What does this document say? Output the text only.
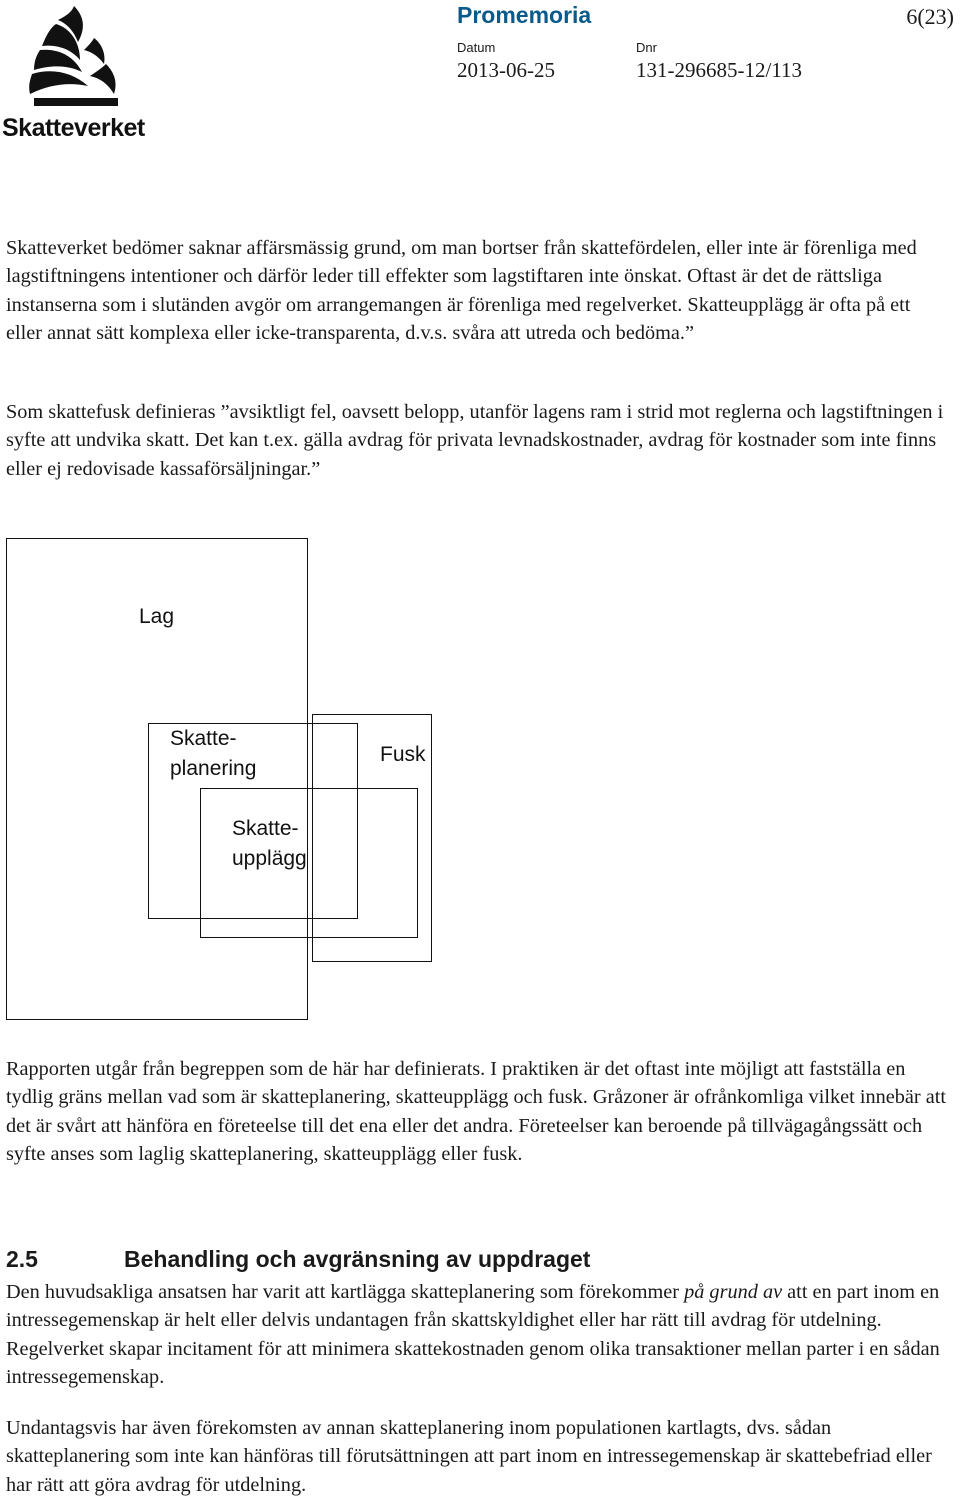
Skatteverket
Promemoria	6(23)
Datum
2013-06-25
Dnr
131-296685-12/113

Skatteverket bedömer saknar affärsmässig grund, om man bortser från skattefördelen, eller inte är förenliga med lagstiftningens intentioner och därför leder till effekter som lagstiftaren inte önskat. Oftast är det de rättsliga instanserna som i slutänden avgör om arrangemangen är förenliga med regelverket. Skatteupplägg är ofta på ett eller annat sätt komplexa eller icke-transparenta, d.v.s. svåra att utreda och bedöma.”

Som skattefusk definieras ”avsiktligt fel, oavsett belopp, utanför lagens ram i strid mot reglerna och lagstiftningen i syfte att undvika skatt. Det kan t.ex. gälla avdrag för privata levnadskostnader, avdrag för kostnader som inte finns eller ej redovisade kassaförsäljningar.”

Lag
Skatte-
planering
Fusk
Skatte-
upplägg

Rapporten utgår från begreppen som de här har definierats. I praktiken är det oftast inte möjligt att fastställa en tydlig gräns mellan vad som är skatteplanering, skatteupplägg och fusk. Gråzoner är ofrånkomliga vilket innebär att det är svårt att hänföra en företeelse till det ena eller det andra. Företeelser kan beroende på tillvägagångssätt och syfte anses som laglig skatteplanering, skatteupplägg eller fusk.

2.5	Behandling och avgränsning av uppdraget

Den huvudsakliga ansatsen har varit att kartlägga skatteplanering som förekommer på grund av att en part inom en intressegemenskap är helt eller delvis undantagen från skattskyldighet eller har rätt till avdrag för utdelning. Regelverket skapar incitament för att minimera skattekostnaden genom olika transaktioner mellan parter i en sådan intressegemenskap.

Undantagsvis har även förekomsten av annan skatteplanering inom populationen kartlagts, dvs. sådan skatteplanering som inte kan hänföras till förutsättningen att part inom en intressegemenskap är skattebefriad eller har rätt att göra avdrag för utdelning.
